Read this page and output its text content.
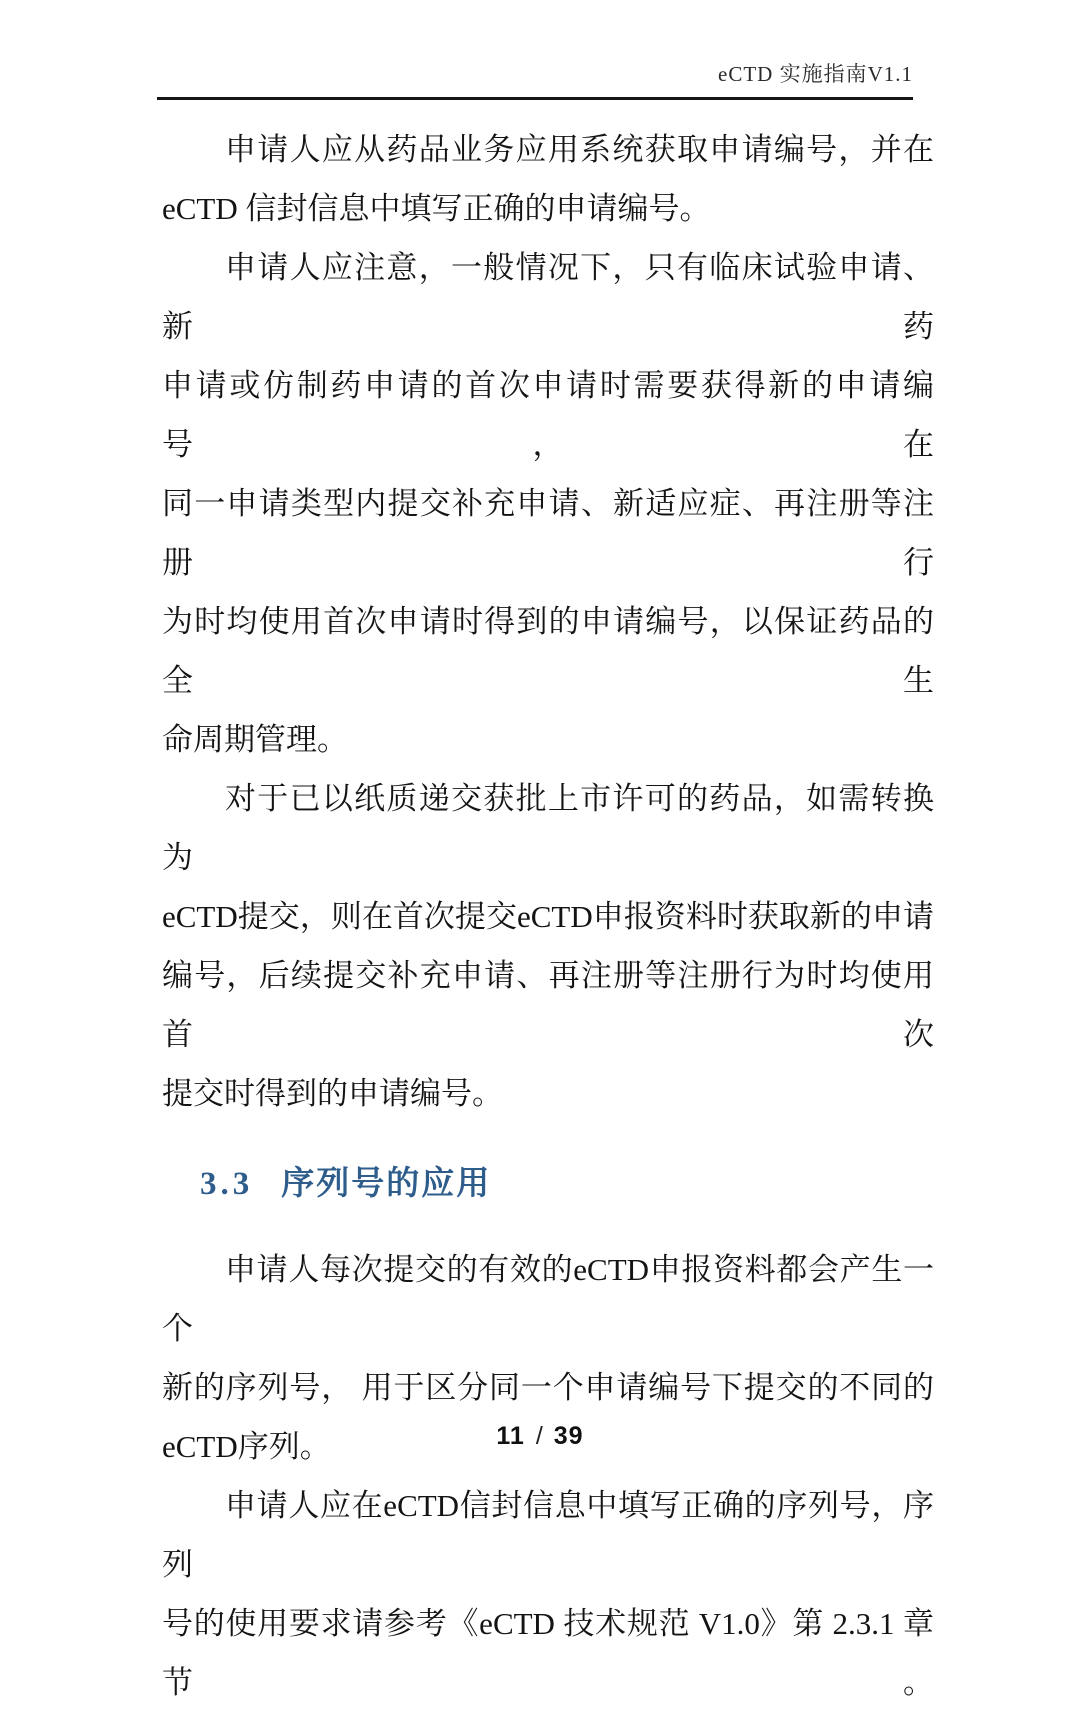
eCTD 实施指南V1.1
申请人应从药品业务应用系统获取申请编号，并在
eCTD 信封信息中填写正确的申请编号。
申请人应注意，一般情况下，只有临床试验申请、新药
申请或仿制药申请的首次申请时需要获得新的申请编号，在
同一申请类型内提交补充申请、新适应症、再注册等注册行
为时均使用首次申请时得到的申请编号，以保证药品的全生
命周期管理。
对于已以纸质递交获批上市许可的药品，如需转换为
eCTD提交，则在首次提交eCTD申报资料时获取新的申请
编号，后续提交补充申请、再注册等注册行为时均使用首次
提交时得到的申请编号。
3.3 序列号的应用
申请人每次提交的有效的eCTD申报资料都会产生一个
新的序列号， 用于区分同一个申请编号下提交的不同的
eCTD序列。
申请人应在eCTD信封信息中填写正确的序列号，序列
号的使用要求请参考《eCTD 技术规范 V1.0》第 2.3.1 章节。
11 / 39
